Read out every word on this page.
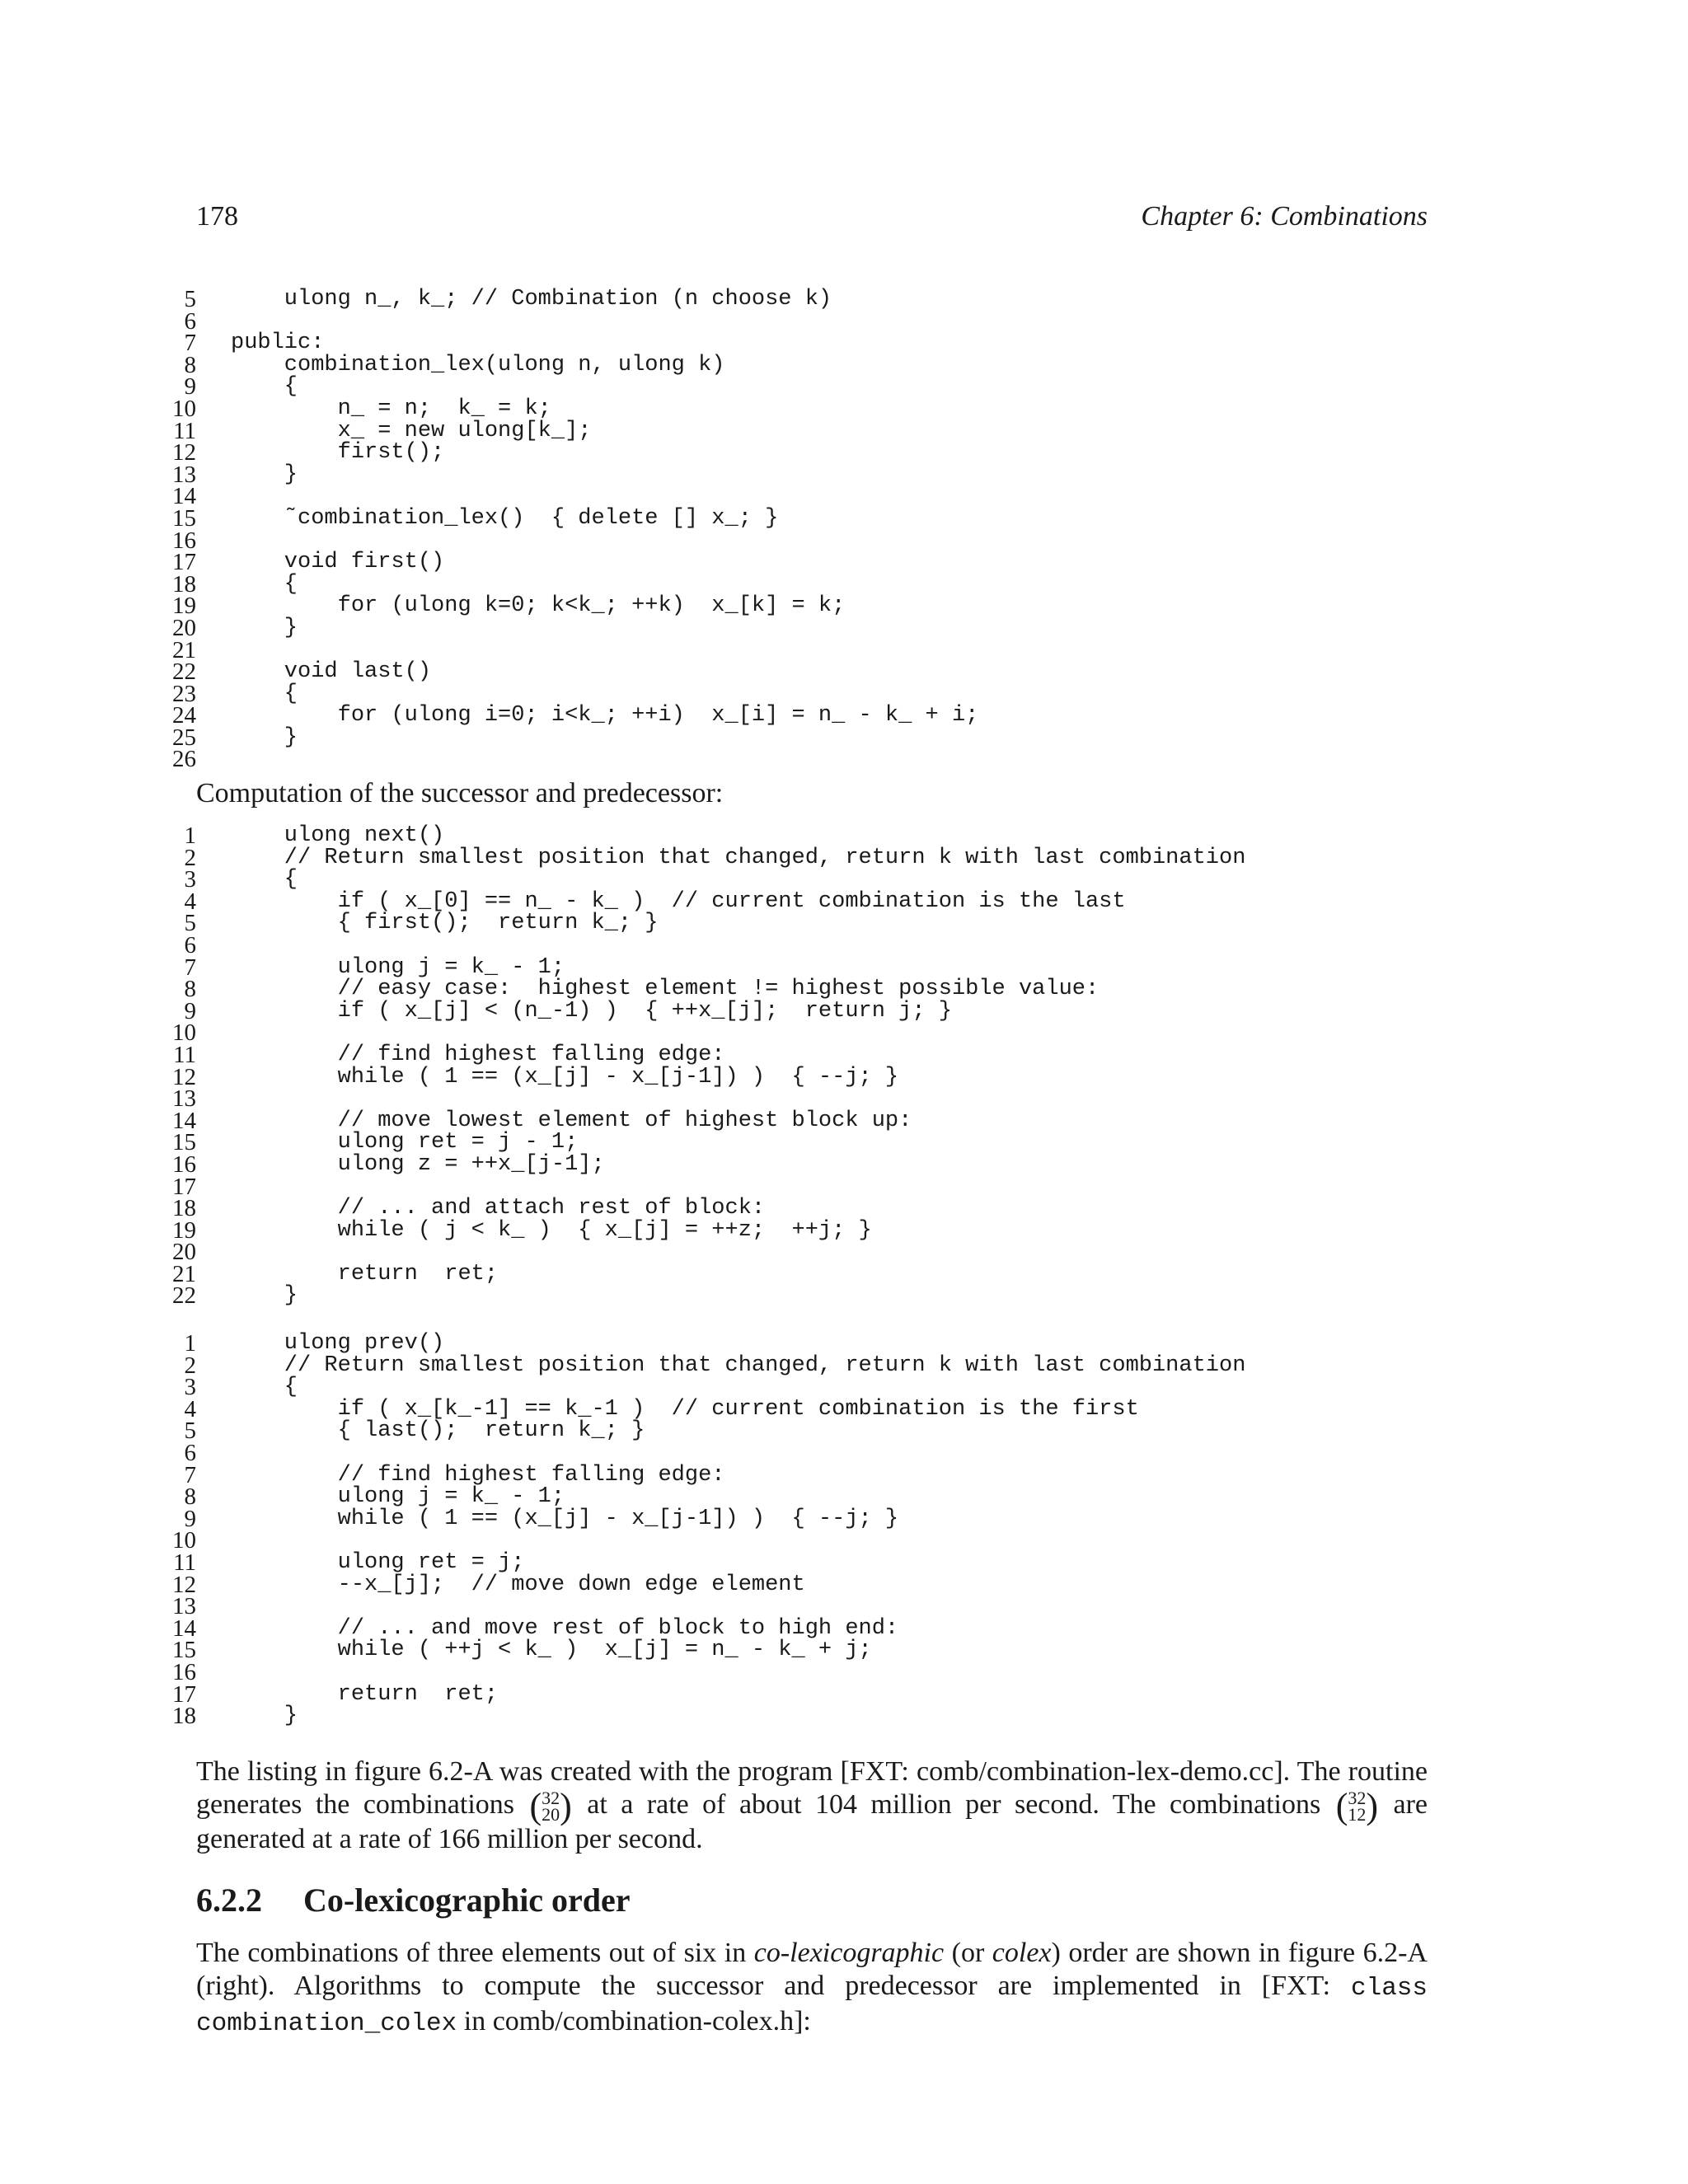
178	Chapter 6: Combinations
5 ulong n_, k_; // Combination (n choose k)
6
7 public:
8 combination_lex(ulong n, ulong k)
9 {
10 n_ = n;  k_ = k;
11 x_ = new ulong[k_];
12 first();
13 }
14
15 ˜combination_lex()  { delete [] x_; }
16
17 void first()
18 {
19 for (ulong k=0; k<k_; ++k)  x_[k] = k;
20 }
21
22 void last()
23 {
24 for (ulong i=0; i<k_; ++i)  x_[i] = n_ - k_ + i;
25 }
26
Computation of the successor and predecessor:
1 ulong next()
2 // Return smallest position that changed, return k with last combination
3 {
4 if ( x_[0] == n_ - k_ )  // current combination is the last
5 { first();  return k_; }
6
7 ulong j = k_ - 1;
8 // easy case:  highest element != highest possible value:
9 if ( x_[j] < (n_-1) )  { ++x_[j];  return j; }
10
11 // find highest falling edge:
12 while ( 1 == (x_[j] - x_[j-1]) )  { --j; }
13
14 // move lowest element of highest block up:
15 ulong ret = j - 1;
16 ulong z = ++x_[j-1];
17
18 // ... and attach rest of block:
19 while ( j < k_ )  { x_[j] = ++z;  ++j; }
20
21 return  ret;
22 }
1 ulong prev()
2 // Return smallest position that changed, return k with last combination
3 {
4 if ( x_[k_-1] == k_-1 )  // current combination is the first
5 { last();  return k_; }
6
7 // find highest falling edge:
8 ulong j = k_ - 1;
9 while ( 1 == (x_[j] - x_[j-1]) )  { --j; }
10
11 ulong ret = j;
12 --x_[j];  // move down edge element
13
14 // ... and move rest of block to high end:
15 while ( ++j < k_ )  x_[j] = n_ - k_ + j;
16
17 return  ret;
18 }
The listing in figure 6.2-A was created with the program [FXT: comb/combination-lex-demo.cc]. The routine generates the combinations ( 32
20 ) at a rate of about 104 million per second. The combinations ( 32
12 ) are generated at a rate of 166 million per second.
6.2.2 Co-lexicographic order
The combinations of three elements out of six in co-lexicographic (or colex) order are shown in figure 6.2-A (right). Algorithms to compute the successor and predecessor are implemented in [FXT: class combination_colex in comb/combination-colex.h]:
